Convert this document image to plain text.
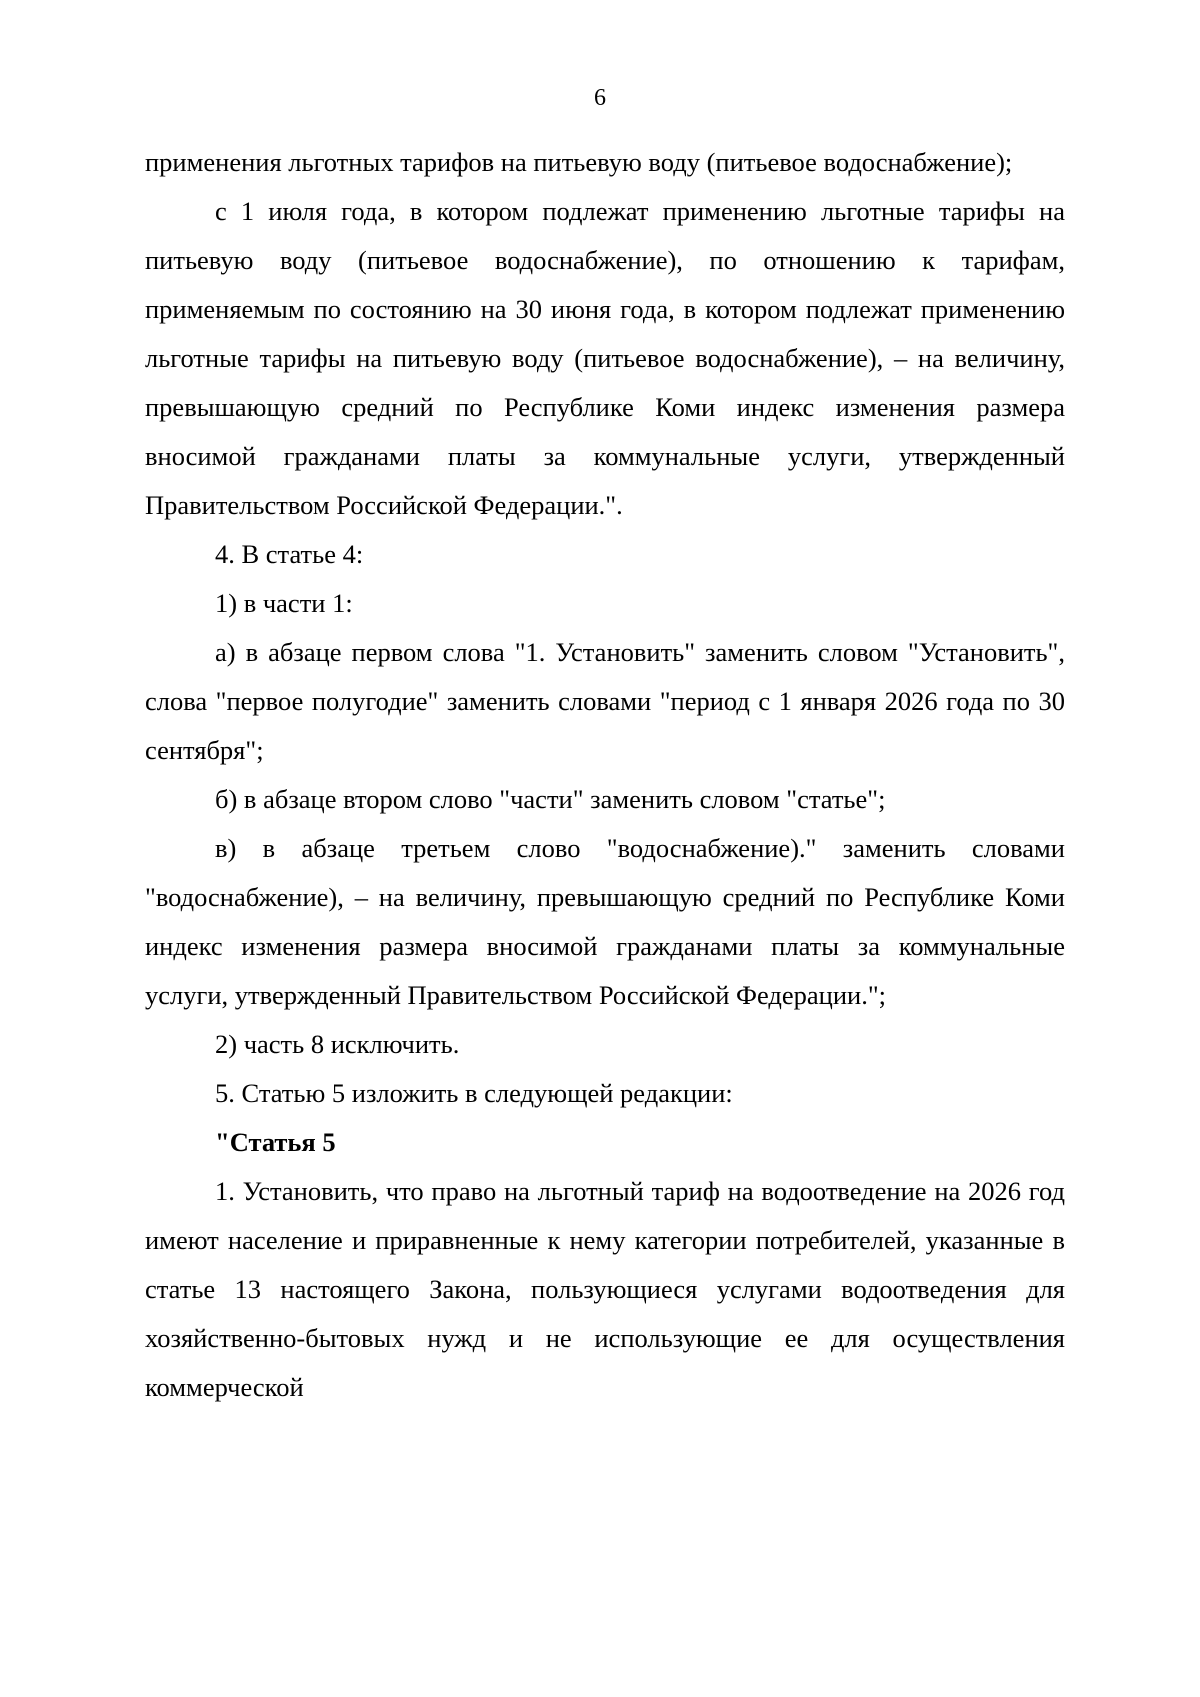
6

применения льготных тарифов на питьевую воду (питьевое водоснабжение);

с 1 июля года, в котором подлежат применению льготные тарифы на питьевую воду (питьевое водоснабжение), по отношению к тарифам, применяемым по состоянию на 30 июня года, в котором подлежат применению льготные тарифы на питьевую воду (питьевое водоснабжение), – на величину, превышающую средний по Республике Коми индекс изменения размера вносимой гражданами платы за коммунальные услуги, утвержденный Правительством Российской Федерации.".

4. В статье 4:

1) в части 1:

а) в абзаце первом слова "1. Установить" заменить словом "Установить", слова "первое полугодие" заменить словами "период с 1 января 2026 года по 30 сентября";

б) в абзаце втором слово "части" заменить словом "статье";

в) в абзаце третьем слово "водоснабжение)." заменить словами "водоснабжение), – на величину, превышающую средний по Республике Коми индекс изменения размера вносимой гражданами платы за коммунальные услуги, утвержденный Правительством Российской Федерации.";

2) часть 8 исключить.

5. Статью 5 изложить в следующей редакции:

"Статья 5

1. Установить, что право на льготный тариф на водоотведение на 2026 год имеют население и приравненные к нему категории потребителей, указанные в статье 13 настоящего Закона, пользующиеся услугами водоотведения для хозяйственно-бытовых нужд и не использующие ее для осуществления коммерческой
